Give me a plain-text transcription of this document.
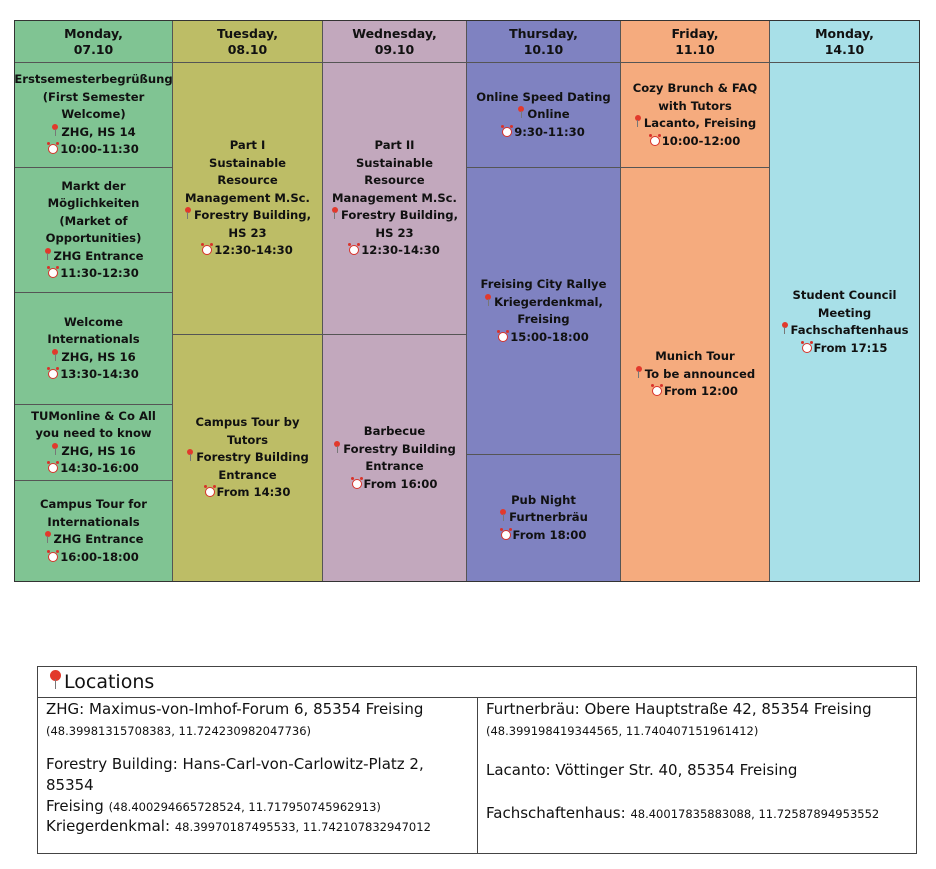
Monday,
07.10
Erstsemesterbegrüßung
(First Semester
Welcome)
ZHG, HS 14
10:00-11:30
Markt der
Möglichkeiten
(Market of
Opportunities)
ZHG Entrance
11:30-12:30
Welcome
Internationals
ZHG, HS 16
13:30-14:30
TUMonline & Co All
you need to know
ZHG, HS 16
14:30-16:00
Campus Tour for
Internationals
ZHG Entrance
16:00-18:00
Tuesday,
08.10
Part I
Sustainable Resource
Management M.Sc.
Forestry Building,
HS 23
12:30-14:30
Campus Tour by
Tutors
Forestry Building
Entrance
From 14:30
Wednesday,
09.10
Part II
Sustainable
Resource
Management M.Sc.
Forestry Building,
HS 23
12:30-14:30
Barbecue
Forestry Building
Entrance
From 16:00
Thursday,
10.10
Online Speed Dating
Online
9:30-11:30
Freising City Rallye
Kriegerdenkmal,
Freising
15:00-18:00
Pub Night
Furtnerbräu
From 18:00
Friday,
11.10
Cozy Brunch & FAQ
with Tutors
Lacanto, Freising
10:00-12:00
Munich Tour
To be announced
From 12:00
Monday,
14.10
Student Council
Meeting
Fachschaftenhaus
From 17:15
Locations
ZHG: Maximus-von-Imhof-Forum 6, 85354 Freising
(48.39981315708383, 11.724230982047736)
Forestry Building: Hans-Carl-von-Carlowitz-Platz 2, 85354
Freising (48.400294665728524, 11.717950745962913)
Kriegerdenkmal: 48.39970187495533, 11.742107832947012
Furtnerbräu: Obere Hauptstraße 42, 85354 Freising
(48.399198419344565, 11.740407151961412)
Lacanto: Vöttinger Str. 40, 85354 Freising
Fachschaftenhaus: 48.40017835883088, 11.72587894953552
